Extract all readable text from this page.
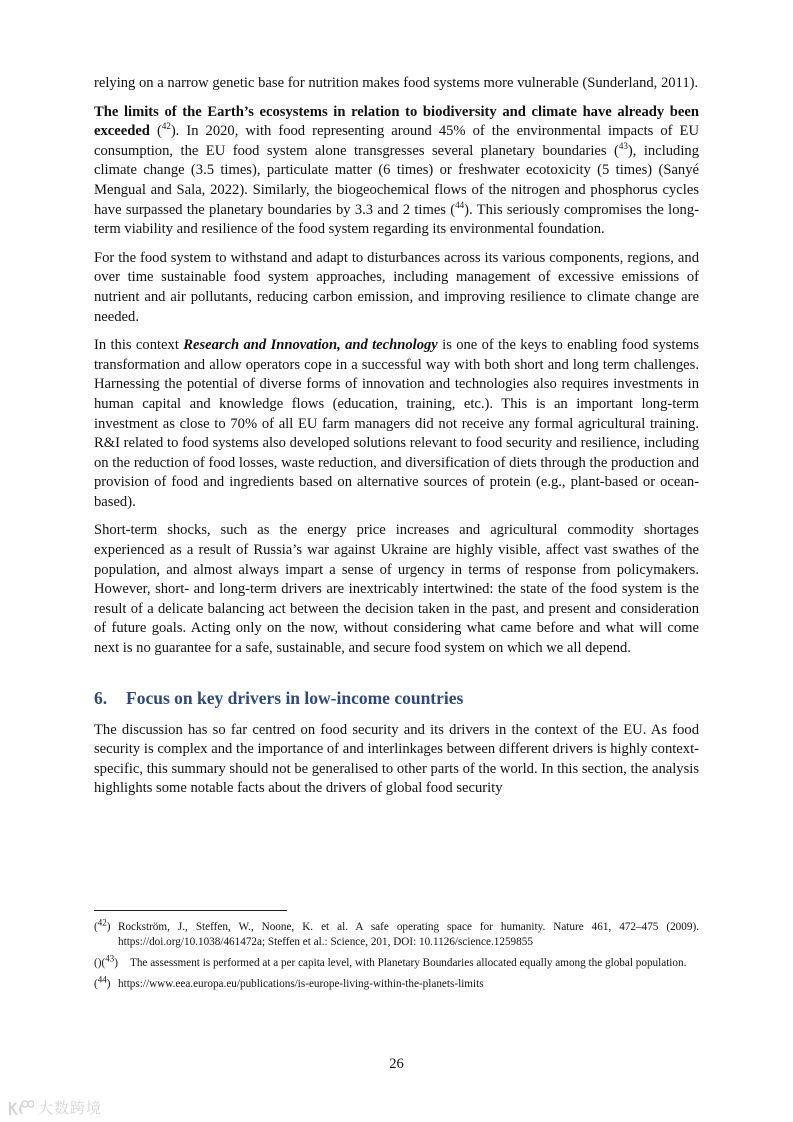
relying on a narrow genetic base for nutrition makes food systems more vulnerable (Sunderland, 2011).

The limits of the Earth’s ecosystems in relation to biodiversity and climate have already been exceeded ($^{42}$). In 2020, with food representing around 45% of the environmental impacts of EU consumption, the EU food system alone transgresses several planetary boundaries ($^{43}$), including climate change (3.5 times), particulate matter (6 times) or freshwater ecotoxicity (5 times) (Sanyé Mengual and Sala, 2022). Similarly, the biogeochemical flows of the nitrogen and phosphorus cycles have surpassed the planetary boundaries by 3.3 and 2 times ($^{44}$). This seriously compromises the long-term viability and resilience of the food system regarding its environmental foundation.

For the food system to withstand and adapt to disturbances across its various components, regions, and over time sustainable food system approaches, including management of excessive emissions of nutrient and air pollutants, reducing carbon emission, and improving resilience to climate change are needed.

In this context Research and Innovation, and technology is one of the keys to enabling food systems transformation and allow operators cope in a successful way with both short and long term challenges. Harnessing the potential of diverse forms of innovation and technologies also requires investments in human capital and knowledge flows (education, training, etc.). This is an important long-term investment as close to 70% of all EU farm managers did not receive any formal agricultural training. R&I related to food systems also developed solutions relevant to food security and resilience, including on the reduction of food losses, waste reduction, and diversification of diets through the production and provision of food and ingredients based on alternative sources of protein (e.g., plant-based or ocean-based).

Short-term shocks, such as the energy price increases and agricultural commodity shortages experienced as a result of Russia’s war against Ukraine are highly visible, affect vast swathes of the population, and almost always impart a sense of urgency in terms of response from policymakers. However, short- and long-term drivers are inextricably intertwined: the state of the food system is the result of a delicate balancing act between the decision taken in the past, and present and consideration of future goals. Acting only on the now, without considering what came before and what will come next is no guarantee for a safe, sustainable, and secure food system on which we all depend.

6. Focus on key drivers in low-income countries

The discussion has so far centred on food security and its drivers in the context of the EU. As food security is complex and the importance of and interlinkages between different drivers is highly context-specific, this summary should not be generalised to other parts of the world. In this section, the analysis highlights some notable facts about the drivers of global food security

($^{42}$) Rockström, J., Steffen, W., Noone, K. et al. A safe operating space for humanity. Nature 461, 472–475 (2009). https://doi.org/10.1038/461472a; Steffen et al.: Science, 201, DOI: 10.1126/science.1259855
()($^{43}$) The assessment is performed at a per capita level, with Planetary Boundaries allocated equally among the global population.
($^{44}$) https://www.eea.europa.eu/publications/is-europe-living-within-the-planets-limits
26
大数跨境
